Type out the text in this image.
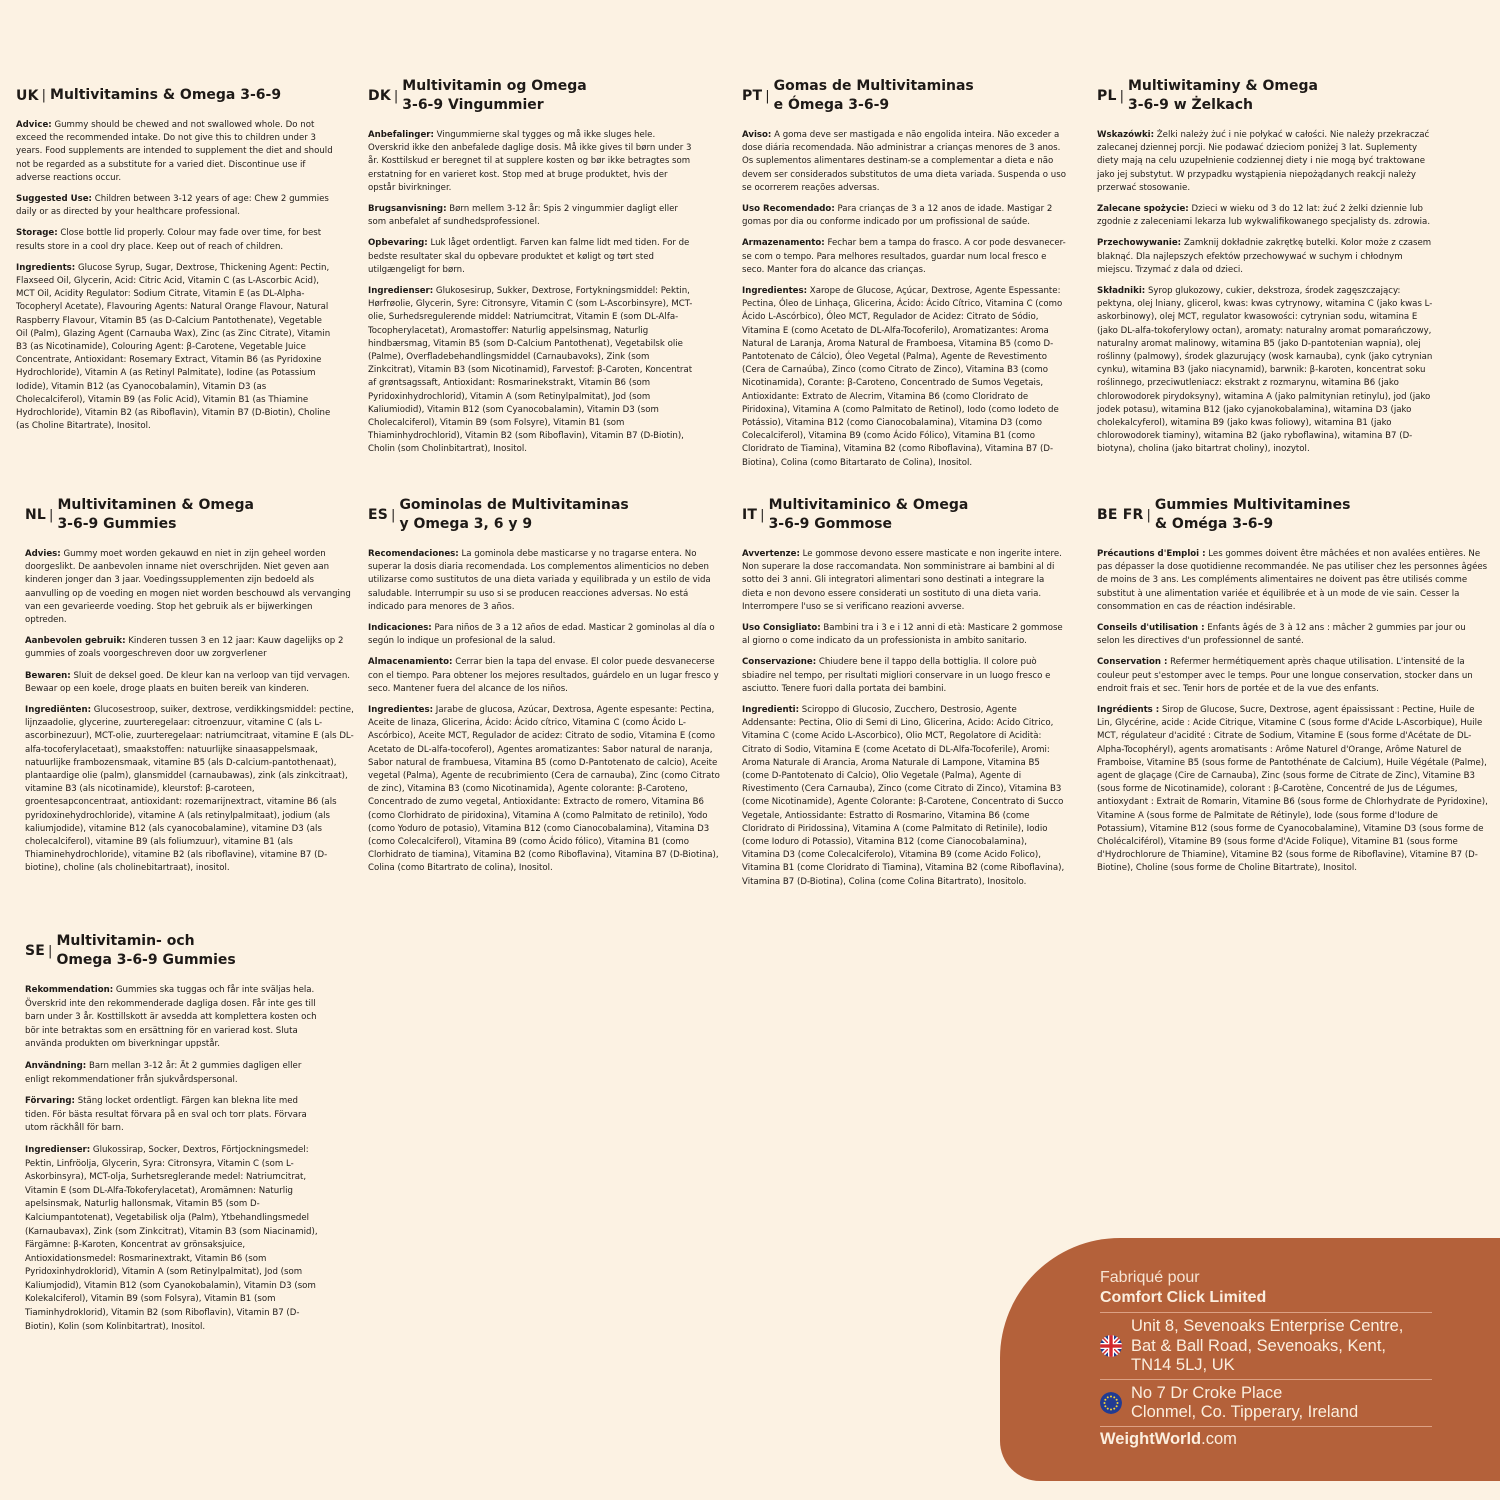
UK | Multivitamins & Omega 3-6-9

Advice: Gummy should be chewed and not swallowed whole. Do not exceed the recommended intake. Do not give this to children under 3 years. Food supplements are intended to supplement the diet and should not be regarded as a substitute for a varied diet. Discontinue use if adverse reactions occur.

Suggested Use: Children between 3-12 years of age: Chew 2 gummies daily or as directed by your healthcare professional.

Storage: Close bottle lid properly. Colour may fade over time, for best results store in a cool dry place. Keep out of reach of children.

Ingredients: Glucose Syrup, Sugar, Dextrose, Thickening Agent: Pectin, Flaxseed Oil, Glycerin, Acid: Citric Acid, Vitamin C (as L-Ascorbic Acid), MCT Oil, Acidity Regulator: Sodium Citrate, Vitamin E (as DL-Alpha-Tocopheryl Acetate), Flavouring Agents: Natural Orange Flavour, Natural Raspberry Flavour, Vitamin B5 (as D-Calcium Pantothenate), Vegetable Oil (Palm), Glazing Agent (Carnauba Wax), Zinc (as Zinc Citrate), Vitamin B3 (as Nicotinamide), Colouring Agent: β-Carotene, Vegetable Juice Concentrate, Antioxidant: Rosemary Extract, Vitamin B6 (as Pyridoxine Hydrochloride), Vitamin A (as Retinyl Palmitate), Iodine (as Potassium Iodide), Vitamin B12 (as Cyanocobalamin), Vitamin D3 (as Cholecalciferol), Vitamin B9 (as Folic Acid), Vitamin B1 (as Thiamine Hydrochloride), Vitamin B2 (as Riboflavin), Vitamin B7 (D-Biotin), Choline (as Choline Bitartrate), Inositol.

DK |
Multivitamin og Omega
3-6-9 Vingummier

Anbefalinger: Vingummierne skal tygges og må ikke sluges hele. Overskrid ikke den anbefalede daglige dosis. Må ikke gives til børn under 3 år. Kosttilskud er beregnet til at supplere kosten og bør ikke betragtes som erstatning for en varieret kost. Stop med at bruge produktet, hvis der opstår bivirkninger.

Brugsanvisning: Børn mellem 3-12 år: Spis 2 vingummier dagligt eller som anbefalet af sundhedsprofessionel.

Opbevaring: Luk låget ordentligt. Farven kan falme lidt med tiden. For de bedste resultater skal du opbevare produktet et køligt og tørt sted utilgængeligt for børn.

Ingredienser: Glukosesirup, Sukker, Dextrose, Fortykningsmiddel: Pektin, Hørfrøolie, Glycerin, Syre: Citronsyre, Vitamin C (som L-Ascorbinsyre), MCT-olie, Surhedsregulerende middel: Natriumcitrat, Vitamin E (som DL-Alfa-Tocopherylacetat), Aromastoffer: Naturlig appelsinsmag, Naturlig hindbærsmag, Vitamin B5 (som D-Calcium Pantothenat), Vegetabilsk olie (Palme), Overfladebehandlingsmiddel (Carnaubavoks), Zink (som Zinkcitrat), Vitamin B3 (som Nicotinamid), Farvestof: β-Caroten, Koncentrat af grøntsagssaft, Antioxidant: Rosmarinekstrakt, Vitamin B6 (som Pyridoxinhydrochlorid), Vitamin A (som Retinylpalmitat), Jod (som Kaliumiodid), Vitamin B12 (som Cyanocobalamin), Vitamin D3 (som Cholecalciferol), Vitamin B9 (som Folsyre), Vitamin B1 (som Thiaminhydrochlorid), Vitamin B2 (som Riboflavin), Vitamin B7 (D-Biotin), Cholin (som Cholinbitartrat), Inositol.

PT |
Gomas de Multivitaminas
e Ómega 3-6-9

Aviso: A goma deve ser mastigada e não engolida inteira. Não exceder a dose diária recomendada. Não administrar a crianças menores de 3 anos. Os suplementos alimentares destinam-se a complementar a dieta e não devem ser considerados substitutos de uma dieta variada. Suspenda o uso se ocorrerem reações adversas.

Uso Recomendado: Para crianças de 3 a 12 anos de idade. Mastigar 2 gomas por dia ou conforme indicado por um profissional de saúde.

Armazenamento: Fechar bem a tampa do frasco. A cor pode desvanecer-se com o tempo. Para melhores resultados, guardar num local fresco e seco. Manter fora do alcance das crianças.

Ingredientes: Xarope de Glucose, Açúcar, Dextrose, Agente Espessante: Pectina, Óleo de Linhaça, Glicerina, Ácido: Ácido Cítrico, Vitamina C (como Ácido L-Ascórbico), Óleo MCT, Regulador de Acidez: Citrato de Sódio, Vitamina E (como Acetato de DL-Alfa-Tocoferilo), Aromatizantes: Aroma Natural de Laranja, Aroma Natural de Framboesa, Vitamina B5 (como D-Pantotenato de Cálcio), Óleo Vegetal (Palma), Agente de Revestimento (Cera de Carnaúba), Zinco (como Citrato de Zinco), Vitamina B3 (como Nicotinamida), Corante: β-Caroteno, Concentrado de Sumos Vegetais, Antioxidante: Extrato de Alecrim, Vitamina B6 (como Cloridrato de Piridoxina), Vitamina A (como Palmitato de Retinol), Iodo (como Iodeto de Potássio), Vitamina B12 (como Cianocobalamina), Vitamina D3 (como Colecalciferol), Vitamina B9 (como Ácido Fólico), Vitamina B1 (como Cloridrato de Tiamina), Vitamina B2 (como Riboflavina), Vitamina B7 (D-Biotina), Colina (como Bitartarato de Colina), Inositol.

PL |
Multiwitaminy & Omega
3-6-9 w Żelkach

Wskazówki: Żelki należy żuć i nie połykać w całości. Nie należy przekraczać zalecanej dziennej porcji. Nie podawać dzieciom poniżej 3 lat. Suplementy diety mają na celu uzupełnienie codziennej diety i nie mogą być traktowane jako jej substytut. W przypadku wystąpienia niepożądanych reakcji należy przerwać stosowanie.

Zalecane spożycie: Dzieci w wieku od 3 do 12 lat: żuć 2 żelki dziennie lub zgodnie z zaleceniami lekarza lub wykwalifikowanego specjalisty ds. zdrowia.

Przechowywanie: Zamknij dokładnie zakrętkę butelki. Kolor może z czasem blaknąć. Dla najlepszych efektów przechowywać w suchym i chłodnym miejscu. Trzymać z dala od dzieci.

Składniki: Syrop glukozowy, cukier, dekstroza, środek zagęszczający: pektyna, olej lniany, glicerol, kwas: kwas cytrynowy, witamina C (jako kwas L-askorbinowy), olej MCT, regulator kwasowości: cytrynian sodu, witamina E (jako DL-alfa-tokoferylowy octan), aromaty: naturalny aromat pomarańczowy, naturalny aromat malinowy, witamina B5 (jako D-pantotenian wapnia), olej roślinny (palmowy), środek glazurujący (wosk karnauba), cynk (jako cytrynian cynku), witamina B3 (jako niacynamid), barwnik: β-karoten, koncentrat soku roślinnego, przeciwutleniacz: ekstrakt z rozmarynu, witamina B6 (jako chlorowodorek pirydoksyny), witamina A (jako palmitynian retinylu), jod (jako jodek potasu), witamina B12 (jako cyjanokobalamina), witamina D3 (jako cholekalcyferol), witamina B9 (jako kwas foliowy), witamina B1 (jako chlorowodorek tiaminy), witamina B2 (jako ryboflawina), witamina B7 (D-biotyna), cholina (jako bitartrat choliny), inozytol.

NL |
Multivitaminen & Omega
3-6-9 Gummies

Advies: Gummy moet worden gekauwd en niet in zijn geheel worden doorgeslikt. De aanbevolen inname niet overschrijden. Niet geven aan kinderen jonger dan 3 jaar. Voedingssupplementen zijn bedoeld als aanvulling op de voeding en mogen niet worden beschouwd als vervanging van een gevarieerde voeding. Stop het gebruik als er bijwerkingen optreden.

Aanbevolen gebruik: Kinderen tussen 3 en 12 jaar: Kauw dagelijks op 2 gummies of zoals voorgeschreven door uw zorgverlener

Bewaren: Sluit de deksel goed. De kleur kan na verloop van tijd vervagen. Bewaar op een koele, droge plaats en buiten bereik van kinderen.

Ingrediënten: Glucosestroop, suiker, dextrose, verdikkingsmiddel: pectine, lijnzaadolie, glycerine, zuurteregelaar: citroenzuur, vitamine C (als L-ascorbinezuur), MCT-olie, zuurteregelaar: natriumcitraat, vitamine E (als DL-alfa-tocoferylacetaat), smaakstoffen: natuurlijke sinaasappelsmaak, natuurlijke frambozensmaak, vitamine B5 (als D-calcium-pantothenaat), plantaardige olie (palm), glansmiddel (carnaubawas), zink (als zinkcitraat), vitamine B3 (als nicotinamide), kleurstof: β-caroteen, groentesapconcentraat, antioxidant: rozemarijnextract, vitamine B6 (als pyridoxinehydrochloride), vitamine A (als retinylpalmitaat), jodium (als kaliumjodide), vitamine B12 (als cyanocobalamine), vitamine D3 (als cholecalciferol), vitamine B9 (als foliumzuur), vitamine B1 (als Thiaminehydrochloride), vitamine B2 (als riboflavine), vitamine B7 (D-biotine), choline (als cholinebitartraat), inositol.

ES |
Gominolas de Multivitaminas
y Omega 3, 6 y 9

Recomendaciones: La gominola debe masticarse y no tragarse entera. No superar la dosis diaria recomendada. Los complementos alimenticios no deben utilizarse como sustitutos de una dieta variada y equilibrada y un estilo de vida saludable. Interrumpir su uso si se producen reacciones adversas. No está indicado para menores de 3 años.

Indicaciones: Para niños de 3 a 12 años de edad. Masticar 2 gominolas al día o según lo indique un profesional de la salud.

Almacenamiento: Cerrar bien la tapa del envase. El color puede desvanecerse con el tiempo. Para obtener los mejores resultados, guárdelo en un lugar fresco y seco. Mantener fuera del alcance de los niños.

Ingredientes: Jarabe de glucosa, Azúcar, Dextrosa, Agente espesante: Pectina, Aceite de linaza, Glicerina, Ácido: Ácido cítrico, Vitamina C (como Ácido L-Ascórbico), Aceite MCT, Regulador de acidez: Citrato de sodio, Vitamina E (como Acetato de DL-alfa-tocoferol), Agentes aromatizantes: Sabor natural de naranja, Sabor natural de frambuesa, Vitamina B5 (como D-Pantotenato de calcio), Aceite vegetal (Palma), Agente de recubrimiento (Cera de carnauba), Zinc (como Citrato de zinc), Vitamina B3 (como Nicotinamida), Agente colorante: β-Caroteno, Concentrado de zumo vegetal, Antioxidante: Extracto de romero, Vitamina B6 (como Clorhidrato de piridoxina), Vitamina A (como Palmitato de retinilo), Yodo (como Yoduro de potasio), Vitamina B12 (como Cianocobalamina), Vitamina D3 (como Colecalciferol), Vitamina B9 (como Ácido fólico), Vitamina B1 (como Clorhidrato de tiamina), Vitamina B2 (como Riboflavina), Vitamina B7 (D-Biotina), Colina (como Bitartrato de colina), Inositol.

IT |
Multivitaminico & Omega
3-6-9 Gommose

Avvertenze: Le gommose devono essere masticate e non ingerite intere. Non superare la dose raccomandata. Non somministrare ai bambini al di sotto dei 3 anni. Gli integratori alimentari sono destinati a integrare la dieta e non devono essere considerati un sostituto di una dieta varia. Interrompere l'uso se si verificano reazioni avverse.

Uso Consigliato: Bambini tra i 3 e i 12 anni di età: Masticare 2 gommose al giorno o come indicato da un professionista in ambito sanitario.

Conservazione: Chiudere bene il tappo della bottiglia. Il colore può sbiadire nel tempo, per risultati migliori conservare in un luogo fresco e asciutto. Tenere fuori dalla portata dei bambini.

Ingredienti: Sciroppo di Glucosio, Zucchero, Destrosio, Agente Addensante: Pectina, Olio di Semi di Lino, Glicerina, Acido: Acido Citrico, Vitamina C (come Acido L-Ascorbico), Olio MCT, Regolatore di Acidità: Citrato di Sodio, Vitamina E (come Acetato di DL-Alfa-Tocoferile), Aromi: Aroma Naturale di Arancia, Aroma Naturale di Lampone, Vitamina B5 (come D-Pantotenato di Calcio), Olio Vegetale (Palma), Agente di Rivestimento (Cera Carnauba), Zinco (come Citrato di Zinco), Vitamina B3 (come Nicotinamide), Agente Colorante: β-Carotene, Concentrato di Succo Vegetale, Antiossidante: Estratto di Rosmarino, Vitamina B6 (come Cloridrato di Piridossina), Vitamina A (come Palmitato di Retinile), Iodio (come Ioduro di Potassio), Vitamina B12 (come Cianocobalamina), Vitamina D3 (come Colecalciferolo), Vitamina B9 (come Acido Folico), Vitamina B1 (come Cloridrato di Tiamina), Vitamina B2 (come Riboflavina), Vitamina B7 (D-Biotina), Colina (come Colina Bitartrato), Inositolo.

BE FR |
Gummies Multivitamines
& Oméga 3-6-9

Précautions d'Emploi : Les gommes doivent être mâchées et non avalées entières. Ne pas dépasser la dose quotidienne recommandée. Ne pas utiliser chez les personnes âgées de moins de 3 ans. Les compléments alimentaires ne doivent pas être utilisés comme substitut à une alimentation variée et équilibrée et à un mode de vie sain. Cesser la consommation en cas de réaction indésirable.

Conseils d'utilisation : Enfants âgés de 3 à 12 ans : mâcher 2 gummies par jour ou selon les directives d'un professionnel de santé.

Conservation : Refermer hermétiquement après chaque utilisation. L'intensité de la couleur peut s'estomper avec le temps. Pour une longue conservation, stocker dans un endroit frais et sec. Tenir hors de portée et de la vue des enfants.

Ingrédients : Sirop de Glucose, Sucre, Dextrose, agent épaississant : Pectine, Huile de Lin, Glycérine, acide : Acide Citrique, Vitamine C (sous forme d'Acide L-Ascorbique), Huile MCT, régulateur d'acidité : Citrate de Sodium, Vitamine E (sous forme d'Acétate de DL-Alpha-Tocophéryl), agents aromatisants : Arôme Naturel d'Orange, Arôme Naturel de Framboise, Vitamine B5 (sous forme de Pantothénate de Calcium), Huile Végétale (Palme), agent de glaçage (Cire de Carnauba), Zinc (sous forme de Citrate de Zinc), Vitamine B3 (sous forme de Nicotinamide), colorant : β-Carotène, Concentré de Jus de Légumes, antioxydant : Extrait de Romarin, Vitamine B6 (sous forme de Chlorhydrate de Pyridoxine), Vitamine A (sous forme de Palmitate de Rétinyle), Iode (sous forme d'Iodure de Potassium), Vitamine B12 (sous forme de Cyanocobalamine), Vitamine D3 (sous forme de Cholécalciférol), Vitamine B9 (sous forme d'Acide Folique), Vitamine B1 (sous forme d'Hydrochlorure de Thiamine), Vitamine B2 (sous forme de Riboflavine), Vitamine B7 (D-Biotine), Choline (sous forme de Choline Bitartrate), Inositol.

SE |
Multivitamin- och
Omega 3-6-9 Gummies

Rekommendation: Gummies ska tuggas och får inte sväljas hela. Överskrid inte den rekommenderade dagliga dosen. Får inte ges till barn under 3 år. Kosttillskott är avsedda att komplettera kosten och bör inte betraktas som en ersättning för en varierad kost. Sluta använda produkten om biverkningar uppstår.

Användning: Barn mellan 3-12 år: Ät 2 gummies dagligen eller enligt rekommendationer från sjukvårdspersonal.

Förvaring: Stäng locket ordentligt. Färgen kan blekna lite med tiden. För bästa resultat förvara på en sval och torr plats. Förvara utom räckhåll för barn.

Ingredienser: Glukossirap, Socker, Dextros, Förtjockningsmedel: Pektin, Linfröolja, Glycerin, Syra: Citronsyra, Vitamin C (som L-Askorbinsyra), MCT-olja, Surhetsreglerande medel: Natriumcitrat, Vitamin E (som DL-Alfa-Tokoferylacetat), Aromämnen: Naturlig apelsinsmak, Naturlig hallonsmak, Vitamin B5 (som D-Kalciumpantotenat), Vegetabilisk olja (Palm), Ytbehandlingsmedel (Karnaubavax), Zink (som Zinkcitrat), Vitamin B3 (som Niacinamid), Färgämne: β-Karoten, Koncentrat av grönsaksjuice, Antioxidationsmedel: Rosmarinextrakt, Vitamin B6 (som Pyridoxinhydroklorid), Vitamin A (som Retinylpalmitat), Jod (som Kaliumjodid), Vitamin B12 (som Cyanokobalamin), Vitamin D3 (som Kolekalciferol), Vitamin B9 (som Folsyra), Vitamin B1 (som Tiaminhydroklorid), Vitamin B2 (som Riboflavin), Vitamin B7 (D-Biotin), Kolin (som Kolinbitartrat), Inositol.

Fabriqué pour

Comfort Click Limited

Unit 8, Sevenoaks Enterprise Centre,
Bat & Ball Road, Sevenoaks, Kent,
TN14 5LJ, UK
No 7 Dr Croke Place
Clonmel, Co. Tipperary, Ireland
WeightWorld.com
